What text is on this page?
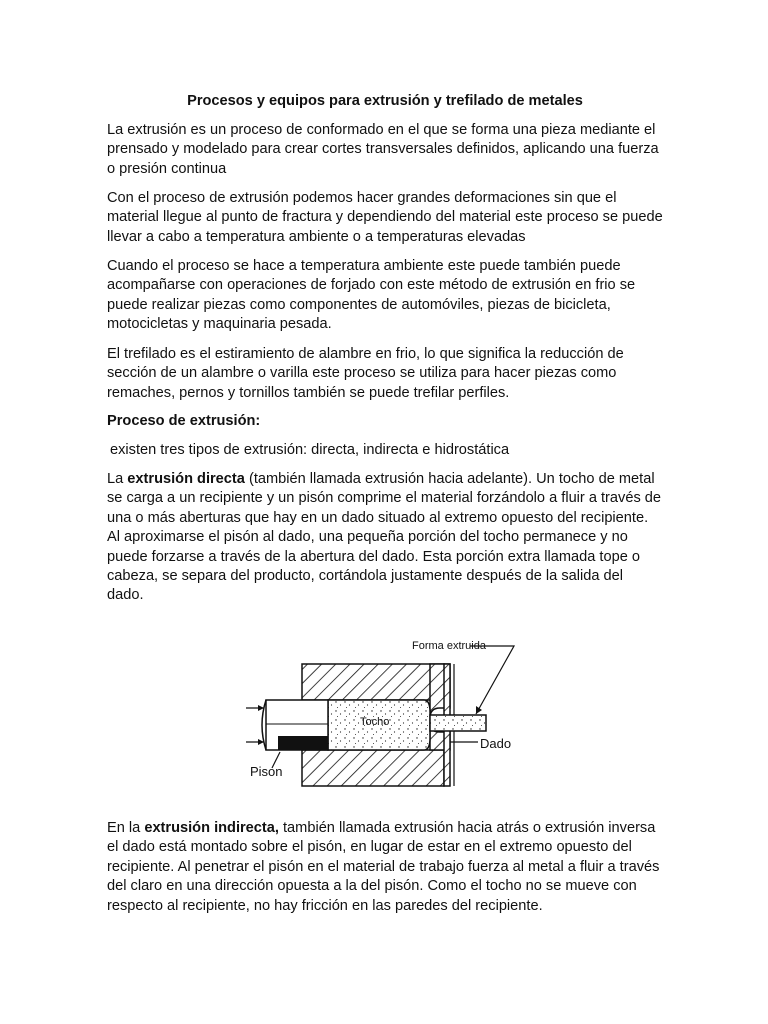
Procesos y equipos para extrusión y trefilado de metales

La extrusión es un proceso de conformado en el que se forma una pieza mediante el prensado y modelado para crear cortes transversales definidos, aplicando una fuerza o presión continua

Con el proceso de extrusión podemos hacer grandes deformaciones sin que el material llegue al punto de fractura y dependiendo del material este proceso se puede llevar a cabo a temperatura ambiente o a temperaturas elevadas

Cuando el proceso se hace a temperatura ambiente este puede también puede acompañarse con operaciones de forjado con este método de extrusión en frio se puede realizar piezas como componentes de automóviles, piezas de bicicleta, motocicletas y maquinaria pesada.

El trefilado es el estiramiento de alambre en frio, lo que significa la reducción de sección de un alambre o varilla este proceso se utiliza para hacer piezas como remaches, pernos y tornillos también se puede trefilar perfiles.

Proceso de extrusión:

existen tres tipos de extrusión: directa, indirecta e hidrostática

La extrusión directa (también llamada extrusión hacia adelante). Un tocho de metal se carga a un recipiente y un pisón comprime el material forzándolo a fluir a través de una o más aberturas que hay en un dado situado al extremo opuesto del recipiente. Al aproximarse el pisón al dado, una pequeña porción del tocho permanece y no puede forzarse a través de la abertura del dado. Esta porción extra llamada tope o cabeza, se separa del producto, cortándola justamente después de la salida del dado.

Forma extruida
Tocho
Dado
Pison

En la extrusión indirecta, también llamada extrusión hacia atrás o extrusión inversa el dado está montado sobre el pisón, en lugar de estar en el extremo opuesto del recipiente. Al penetrar el pisón en el material de trabajo fuerza al metal a fluir a través del claro en una dirección opuesta a la del pisón. Como el tocho no se mueve con respecto al recipiente, no hay fricción en las paredes del recipiente.
